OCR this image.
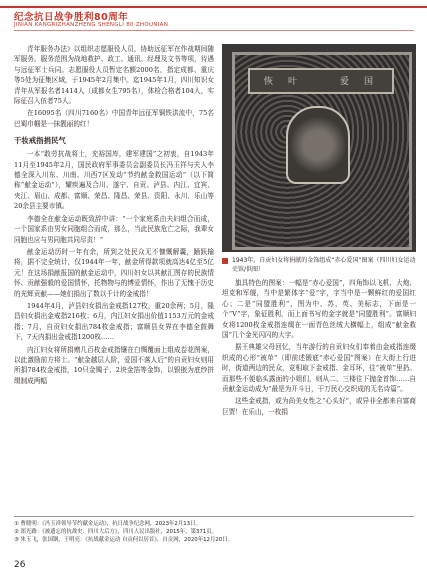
纪念抗日战争胜利80周年
JINIAN KANGRIZHANZHENG SHENGLI 80 ZHOUNIAN

青年服务办法》以组织志愿服役人员，协助远征军在作战期间随军服务。服务范围为战地救护、政工、通讯、经理及文书等项，待遇与远征军士兵同。志愿服役人员暂定名额2000名，指定成都、重庆等5处为征集区域，于1945年2月集中。迄1945年1月，四川知识女青年从军报名者1414人（成都女生795名），体检合格者104人，实际征召入伍者75人。

在16095名（四川7160名）中国青年远征军铜铁洪流中，75名巴蜀巾帼是一抹靓丽的红！

干妆戒指捐民气

一本“敢劳抗战将士，充裕国库，建军建国”之初衷，自1943年11月至1945年2月，国民政府军事委员会副委员长冯玉祥与夫人李德全深入川东、川南、川西7区发动“节约献金救国运动”（以下简称“献金运动”），耀疾遍及合川、遂宁、自贡、泸县、内江、宜宾、夹江、眉山、成都、富顺、荣昌、隆昌、荣县、资阳、永川、乐山等20余县主要市镇。

李德全在献金运动既致辞中讲：“一个家庭系由夫妇组合而成，一个国家系由男女同胞组合而成，那么，当此民族危亡之际，我辈女同胞也应与男同胞共同尽责！”

献金运动历时一年有余，所到之处民众无不慷慨解囊，踊跃输将，据不完全统计，仅1944年一年，献金所得款项就高达4亿至5亿元！在这场捐献报国的献金运动中，四川妇女以其献汇图存的民族情怀、贡献强毅的爱国情怀，托物物与的博爱情怀，作出了无愧于历史的光辉贡献——她们捐出了数以千计的金戒指！

1944年4月，泸县妇女捐出金戒指127枚，重20余两；5月，隆昌妇女捐出金戒指216枚；6月，内江妇女捐出价值1153万元的金戒指；7月，自贡妇女捐出784枚金戒指；富顺县女界在李德全鼓舞下，7天内捐出金戒指1200枚……

内江妇女将所捐赠几百枚金戒指镶在白绸覆面上组成卷花图案，以此激励前方将士。“献金越层人阶，爱国不落人后”的自贡妇女则用所捐784枚金戒指，10只金镯子、2块金箔等金饰，以银嵌为底纱拼缀制成两幅

恢 叶	爱 国
1943年，自贡妇女将捐献的金饰组成“赤心爱国”图案（四川妇女运动史馆/供图）

旗具特色的图案：一幅是“赤心爱国”，四角饰以飞机、大炮、坦克和军舰，当中是繁体字“爱”字，字当中是一颗鲜红的爱国红心；二是“同盟胜利”，图为中、苏、英、美标志，下面是一个“V”字，象征胜利，而上面书写的金字就是“同盟胜利”。富顺妇女将1200枚金戒指连缀在一面青色丝绒大横幅上，组成“献金救国”几个金光闪闪的大字。

据王典雄父母回忆，当年游行的自贡妇女们奉着由金戒指连缀织成的心形“被单”（即前述锻底“赤心爱国”图案）在大街上行进时，街道两边的民众，竞相取下金戒指、金耳环，往“被单”里扔。而那些不便临头露面的小姐们，则从二、三楼往下抛金首饰……自贡献金运动成为“最是为开斗日，干万民心交织成的无名诗篇”。

这些金戒指，或为尚美女性之“心头好”，或异非全都来自富商巨贾！在乐山，一枚捐

① 曹晓明：《冯玉祥领导节约献金运动》，抗日战争纪念网，2023年2月13日。
② 郑光路：《被遗忘的抗战史：四川大后方》，四川人民出版社，2015年，第371页。
③ 朱玉飞，张国钢，王明亮：《抗战献金运动 自贡何以居首》，自贡网，2020年12月20日。
26
